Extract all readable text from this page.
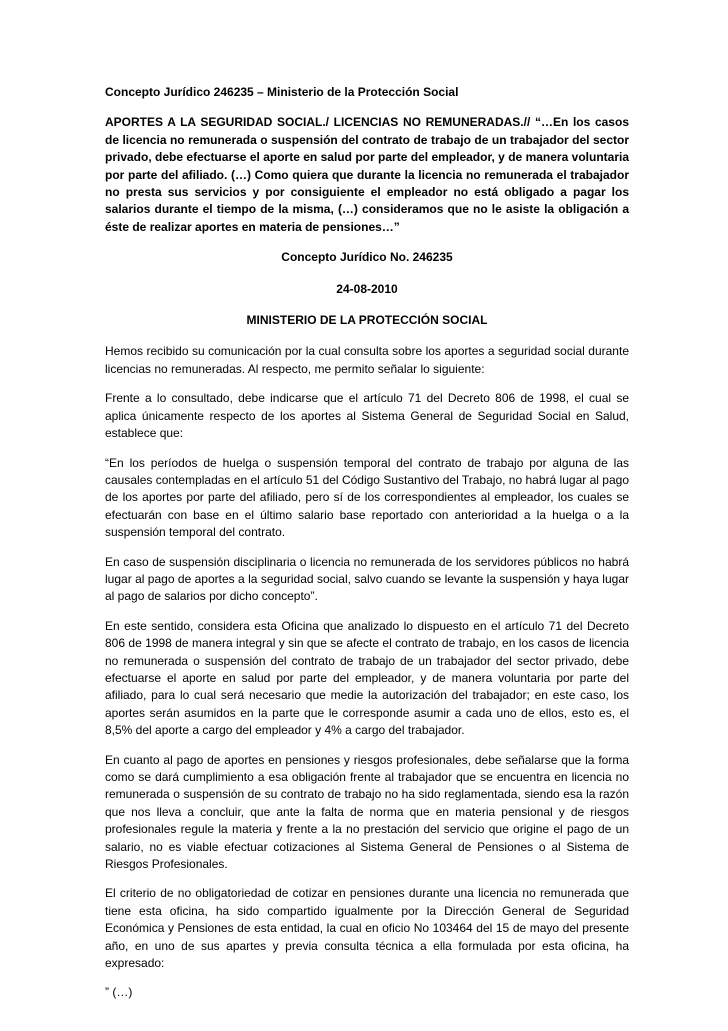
Concepto Jurídico 246235 – Ministerio de la Protección Social

APORTES A LA SEGURIDAD SOCIAL./ LICENCIAS NO REMUNERADAS.// “…En los casos de licencia no remunerada o suspensión del contrato de trabajo de un trabajador del sector privado, debe efectuarse el aporte en salud por parte del empleador, y de manera voluntaria por parte del afiliado. (…) Como quiera que durante la licencia no remunerada el trabajador no presta sus servicios y por consiguiente el empleador no está obligado a pagar los salarios durante el tiempo de la misma, (…) consideramos que no le asiste la obligación a éste de realizar aportes en materia de pensiones…”

Concepto Jurídico No. 246235

24-08-2010

MINISTERIO DE LA PROTECCIÓN SOCIAL

Hemos recibido su comunicación por la cual consulta sobre los aportes a seguridad social durante licencias no remuneradas. Al respecto, me permito señalar lo siguiente:

Frente a lo consultado, debe indicarse que el artículo 71 del Decreto 806 de 1998, el cual se aplica únicamente respecto de los aportes al Sistema General de Seguridad Social en Salud, establece que:

“En los períodos de huelga o suspensión temporal del contrato de trabajo por alguna de las causales contempladas en el artículo 51 del Código Sustantivo del Trabajo, no habrá lugar al pago de los aportes por parte del afiliado, pero sí de los correspondientes al empleador, los cuales se efectuarán con base en el último salario base reportado con anterioridad a la huelga o a la suspensión temporal del contrato.

En caso de suspensión disciplinaria o licencia no remunerada de los servidores públicos no habrá lugar al pago de aportes a la seguridad social, salvo cuando se levante la suspensión y haya lugar al pago de salarios por dicho concepto”.

En este sentido, considera esta Oficina que analizado lo dispuesto en el artículo 71 del Decreto 806 de 1998 de manera integral y sin que se afecte el contrato de trabajo, en los casos de licencia no remunerada o suspensión del contrato de trabajo de un trabajador del sector privado, debe efectuarse el aporte en salud por parte del empleador, y de manera voluntaria por parte del afiliado, para lo cual será necesario que medie la autorización del trabajador; en este caso, los aportes serán asumidos en la parte que le corresponde asumir a cada uno de ellos, esto es, el 8,5% del aporte a cargo del empleador y 4% a cargo del trabajador.

En cuanto al pago de aportes en pensiones y riesgos profesionales, debe señalarse que la forma como se dará cumplimiento a esa obligación frente al trabajador que se encuentra en licencia no remunerada o suspensión de su contrato de trabajo no ha sido reglamentada, siendo esa la razón que nos lleva a concluir, que ante la falta de norma que en materia pensional y de riesgos profesionales regule la materia y frente a la no prestación del servicio que origine el pago de un salario, no es viable efectuar cotizaciones al Sistema General de Pensiones o al Sistema de Riesgos Profesionales.

El criterio de no obligatoriedad de cotizar en pensiones durante una licencia no remunerada que tiene esta oficina, ha sido compartido igualmente por la Dirección General de Seguridad Económica y Pensiones de esta entidad, la cual en oficio No 103464 del 15 de mayo del presente año, en uno de sus apartes y previa consulta técnica a ella formulada por esta oficina, ha expresado:

” (…)
